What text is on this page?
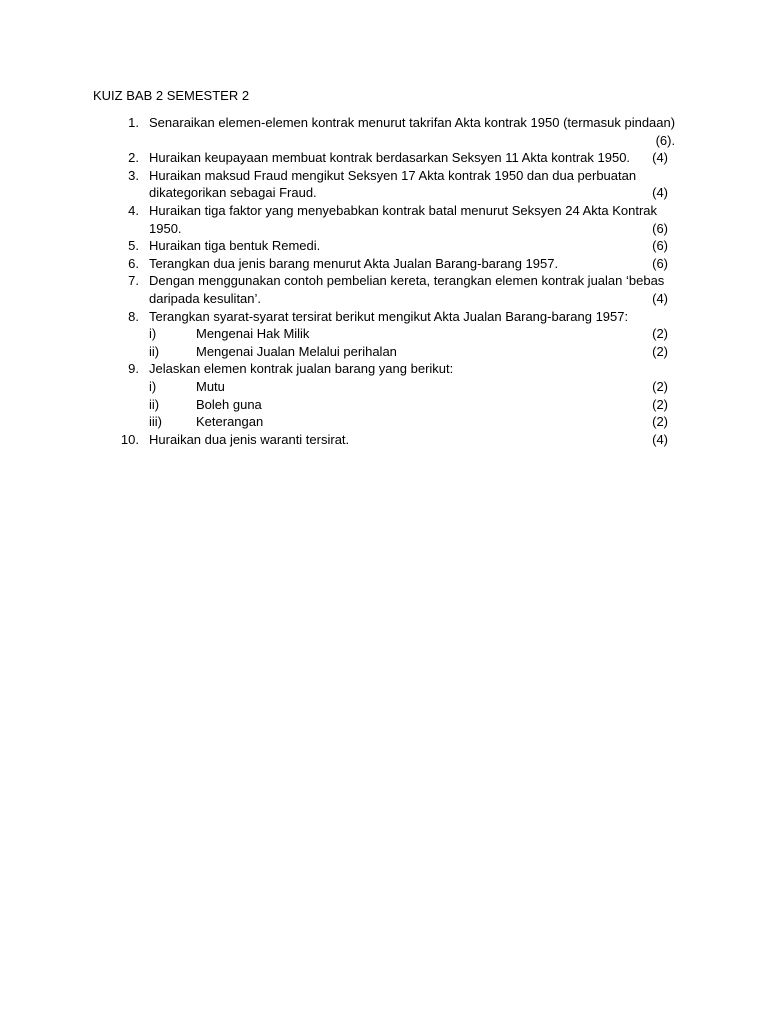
KUIZ BAB 2 SEMESTER 2
1. Senaraikan elemen-elemen kontrak menurut takrifan Akta kontrak 1950 (termasuk pindaan)
(6).
2. Huraikan keupayaan membuat kontrak berdasarkan Seksyen 11 Akta kontrak 1950. (4)
3. Huraikan maksud Fraud mengikut Seksyen 17 Akta kontrak 1950 dan dua perbuatan
dikategorikan sebagai Fraud.	(4)
4. Huraikan tiga faktor yang menyebabkan kontrak batal menurut Seksyen 24 Akta Kontrak
1950.	(6)
5. Huraikan tiga bentuk Remedi.	(6)
6. Terangkan dua jenis barang menurut Akta Jualan Barang-barang 1957.	(6)
7. Dengan menggunakan contoh pembelian kereta, terangkan elemen kontrak jualan ‘bebas
daripada kesulitan’.	(4)
8. Terangkan syarat-syarat tersirat berikut mengikut Akta Jualan Barang-barang 1957:
i)	Mengenai Hak Milik	(2)
ii)	Mengenai Jualan Melalui perihalan	(2)
9. Jelaskan elemen kontrak jualan barang yang berikut:
i)	Mutu	(2)
ii)	Boleh guna	(2)
iii)	Keterangan	(2)
10. Huraikan dua jenis waranti tersirat.	(4)
